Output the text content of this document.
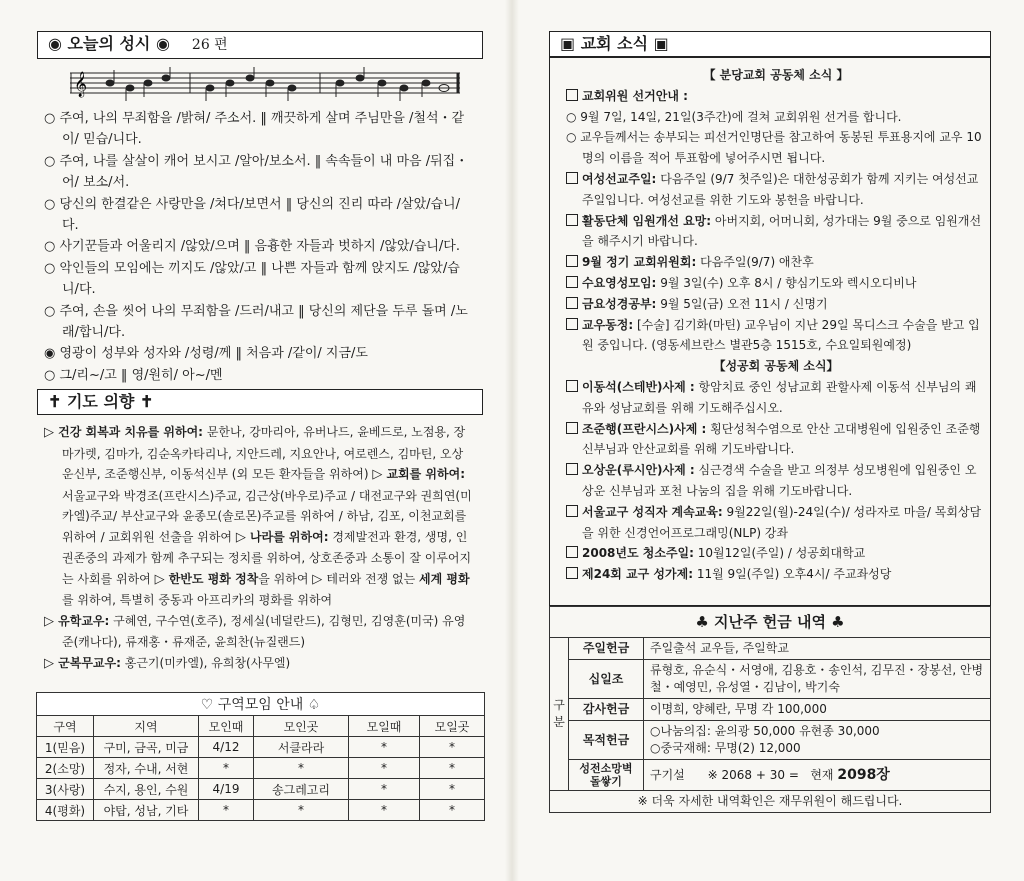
◉ 오늘의 성시 ◉ 26 편
𝄞

○ 주여, 나의 무죄함을 /밝혀/ 주소서. ‖ 깨끗하게 살며 주님만을 /철석・같이/ 믿습/니다.

○ 주여, 나를 살살이 캐어 보시고 /알아/보소서. ‖ 속속들이 내 마음 /뒤집・어/ 보소/서.

○ 당신의 한결같은 사랑만을 /쳐다/보면서 ‖ 당신의 진리 따라 /살았/습니/다.

○ 사기꾼들과 어울리지 /않았/으며 ‖ 음흉한 자들과 벗하지 /않았/습니/다.

○ 악인들의 모임에는 끼지도 /않았/고 ‖ 나쁜 자들과 함께 앉지도 /않았/습니/다.

○ 주여, 손을 씻어 나의 무죄함을 /드러/내고 ‖ 당신의 제단을 두루 돌며 /노래/합니/다.

◉ 영광이 성부와 성자와 /성령/께 ‖ 처음과 /같이/ 지금/도

○ 그/리~/고 ‖ 영/원히/ 아~/멘

✝ 기도 의향 ✝

▷ 건강 회복과 치유를 위하여: 문한나, 강마리아, 유버나드, 윤베드로, 노점용, 장마가렛, 김마가, 김순옥카타리나, 지안드레, 지요안나, 여로렌스, 김마틴, 오상운신부, 조준행신부, 이동석신부 (외 모든 환자들을 위하여) ▷ 교회를 위하여: 서울교구와 박경조(프란시스)주교, 김근상(바우로)주교 / 대전교구와 권희연(미카엘)주교/ 부산교구와 윤종모(솔로몬)주교를 위하여 / 하남, 김포, 이천교회를 위하여 / 교회위원 선출을 위하여 ▷ 나라를 위하여: 경제발전과 환경, 생명, 인권존중의 과제가 함께 추구되는 정치를 위하여, 상호존중과 소통이 잘 이루어지는 사회를 위하여 ▷ 한반도 평화 정착을 위하여 ▷ 테러와 전쟁 없는 세계 평화를 위하여, 특별히 중동과 아프리카의 평화를 위하여

▷ 유학교우: 구혜연, 구수연(호주), 정세실(네덜란드), 김형민, 김영훈(미국) 유영준(캐나다), 류재홍・류재준, 윤희찬(뉴질랜드)

▷ 군복무교우: 홍근기(미카엘), 유희창(사무엘)

♡ 구역모임 안내 ♤					
구역	지역	모인때	모인곳	모일때	모일곳
1(믿음)	구미, 금곡, 미금	4/12	서클라라	*	*
2(소망)	정자, 수내, 서현	*	*	*	*
3(사랑)	수지, 용인, 수원	4/19	송그레고리	*	*
4(평화)	야탑, 성남, 기타	*	*	*	*
▣ 교회 소식 ▣

【 분당교회 공동체 소식 】

교회위원 선거안내 :

○ 9월 7일, 14일, 21일(3주간)에 걸쳐 교회위원 선거를 합니다.

○ 교우들께서는 송부되는 피선거인명단를 참고하여 동봉된 투표용지에 교우 10명의 이름을 적어 투표함에 넣어주시면 됩니다.

여성선교주일: 다음주일 (9/7 첫주일)은 대한성공회가 함께 지키는 여성선교주일입니다. 여성선교를 위한 기도와 봉헌을 바랍니다.

활동단체 임원개선 요망: 아버지회, 어머니회, 성가대는 9월 중으로 임원개선을 해주시기 바랍니다.

9월 정기 교회위원회: 다음주일(9/7) 애찬후

수요영성모임: 9월 3일(수) 오후 8시 / 향심기도와 렉시오디비나

금요성경공부: 9월 5일(금) 오전 11시 / 신명기

교우동정: [수술] 김기화(마틴) 교우님이 지난 29일 목디스크 수술을 받고 입원 중입니다. (영동세브란스 별관5층 1515호, 수요일퇴원예정)

【성공회 공동체 소식】

이동석(스테반)사제 : 항암치료 중인 성남교회 관할사제 이동석 신부님의 쾌유와 성남교회를 위해 기도해주십시오.

조준행(프란시스)사제 : 횡단성척수염으로 안산 고대병원에 입원중인 조준행 신부님과 안산교회를 위해 기도바랍니다.

오상운(루시안)사제 : 심근경색 수술을 받고 의정부 성모병원에 입원중인 오상운 신부님과 포천 나눔의 집을 위해 기도바랍니다.

서울교구 성직자 계속교육: 9월22일(월)-24일(수)/ 성라자로 마을/ 목회상담을 위한 신경언어프로그래밍(NLP) 강좌

2008년도 청소주일: 10월12일(주일) / 성공회대학교

제24회 교구 성가제: 11월 9일(주일) 오후4시/ 주교좌성당

♣ 지난주 헌금 내역 ♣		
구분	주일헌금	주일출석 교우들, 주일학교
	십일조	류형호, 유순식・서영애, 김용호・송인석, 김무진・장봉선, 안병철・예영민, 유성열・김남이, 박기숙
	감사헌금	이명희, 양혜란, 무명 각 100,000
	목적헌금	○나눔의집: 윤의광 50,000 유현종 30,000
○중국재해: 무명(2) 12,000
	성전소망벽돌쌓기	구기설      ※ 2068 + 30 =   현재 2098장
※ 더욱 자세한 내역확인은 재무위원이 해드립니다.		
